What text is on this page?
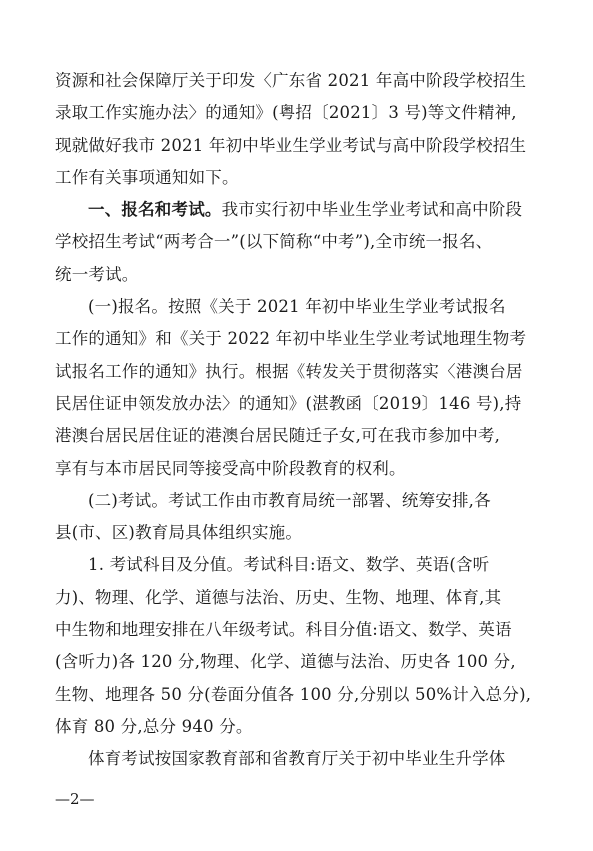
资源和社会保障厅关于印发〈广东省 2021 年高中阶段学校招生
录取工作实施办法〉的通知》(粤招〔2021〕3 号)等文件精神,
现就做好我市 2021 年初中毕业生学业考试与高中阶段学校招生
工作有关事项通知如下。
一、报名和考试。我市实行初中毕业生学业考试和高中阶段
学校招生考试“两考合一”(以下简称“中考”),全市统一报名、
统一考试。
(一)报名。按照《关于 2021 年初中毕业生学业考试报名
工作的通知》和《关于 2022 年初中毕业生学业考试地理生物考
试报名工作的通知》执行。根据《转发关于贯彻落实〈港澳台居
民居住证申领发放办法〉的通知》(湛教函〔2019〕146 号),持
港澳台居民居住证的港澳台居民随迁子女,可在我市参加中考,
享有与本市居民同等接受高中阶段教育的权利。
(二)考试。考试工作由市教育局统一部署、统筹安排,各
县(市、区)教育局具体组织实施。
1. 考试科目及分值。考试科目:语文、数学、英语(含听
力)、物理、化学、道德与法治、历史、生物、地理、体育,其
中生物和地理安排在八年级考试。科目分值:语文、数学、英语
(含听力)各 120 分,物理、化学、道德与法治、历史各 100 分,
生物、地理各 50 分(卷面分值各 100 分,分别以 50%计入总分),
体育 80 分,总分 940 分。
体育考试按国家教育部和省教育厅关于初中毕业生升学体
—2—
